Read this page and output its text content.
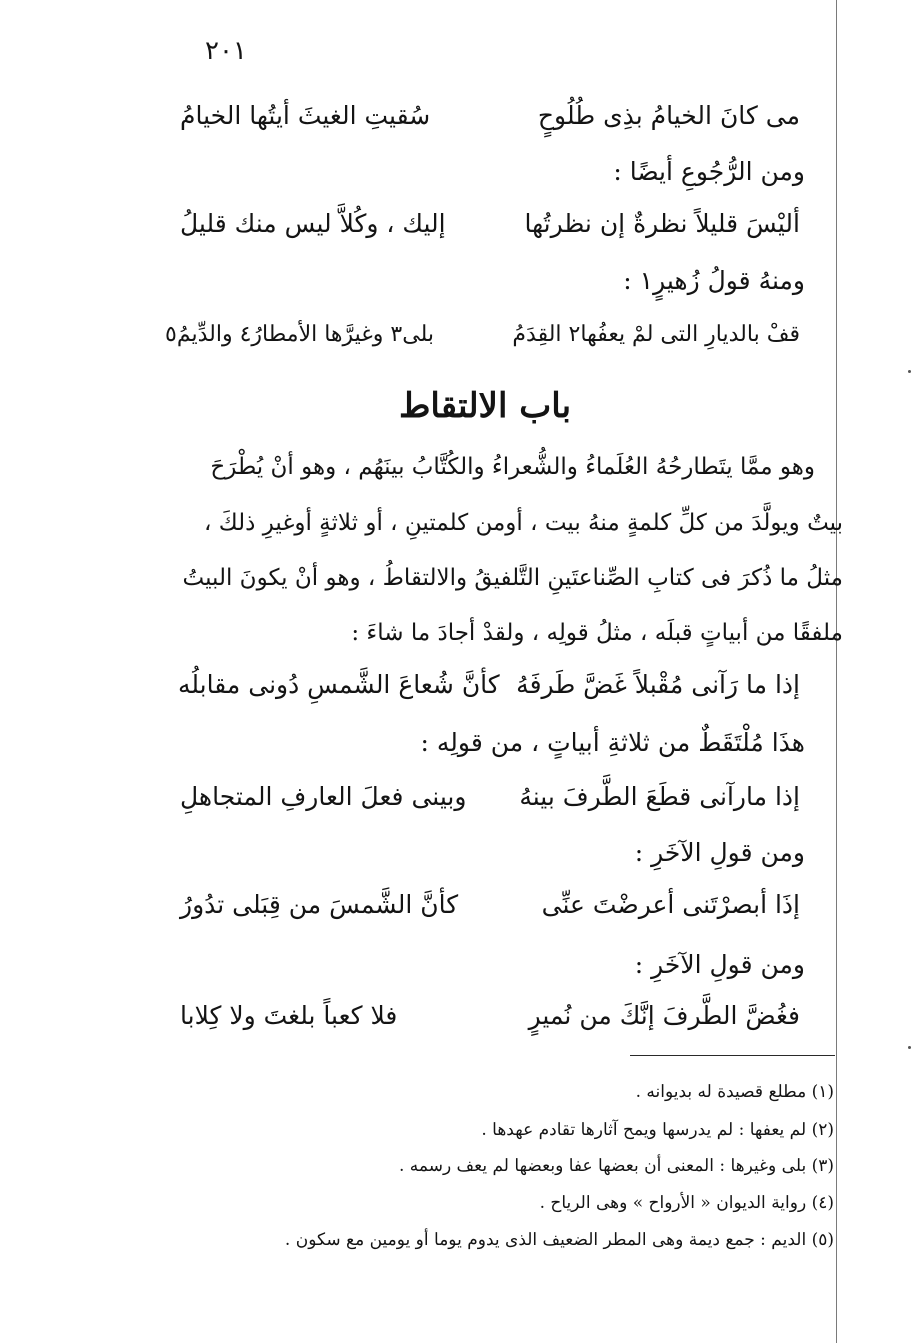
٢٠١
مى كانَ الخيامُ بذِى طُلُوحٍ
سُقيتِ الغيثَ أيتُها الخيامُ
ومن الرُّجُوعِ أيضًا :
أليْسَ قليلاً نظرةٌ إن نظرتُها
إليك ، وكُلاَّ ليس منك قليلُ
ومنهُ قولُ زُهيرٍ١ :
قفْ بالديارِ التى لمْ يعفُها٢ القِدَمُ
بلى٣ وغيرَّها الأمطارُ٤ والدِّيمُ٥
باب الالتقاط
وهو ممَّا يتَطارحُهُ العُلَماءُ والشُّعراءُ والكُتَّابُ بينَهُم ، وهو أنْ يُطْرَحَ
بيتٌ ويولَّدَ من كلِّ كلمةٍ منهُ بيت ، أومن كلمتينِ ، أو ثلاثةٍ أوغيرِ ذلكَ ،
مثلُ ما ذُكرَ فى كتابِ الصِّناعتَينِ التَّلفيقُ والالتقاطُ ، وهو أنْ يكونَ البيتُ
ملفقًا من أبياتٍ قبلَه ، مثلُ قولِه ، ولقدْ أجادَ ما شاءَ :
إذا ما رَآنى مُقْبلاً غَضَّ طَرفَهُ
كأنَّ شُعاعَ الشَّمسِ دُونى مقابلُه
هذَا مُلْتَقَطٌ من ثلاثةِ أبياتٍ ، من قولِه :
إذا مارآنى قطَعَ الطَّرفَ بينهُ
وبينى فعلَ العارفِ المتجاهلِ
ومن قولِ الآخَرِ :
إذَا أبصرْتَنى أعرضْتَ عنِّى
كأنَّ الشَّمسَ من قِبَلى تدُورُ
ومن قولِ الآخَرِ :
فغُضَّ الطَّرفَ إنَّكَ من نُميرٍ
فلا كعباً بلغتَ ولا كِلابا
(١) مطلع قصيدة له بديوانه .
(٢) لم يعفها : لم يدرسها ويمح آثارها تقادم عهدها .
(٣) بلى وغيرها : المعنى أن بعضها عفا وبعضها لم يعف رسمه .
(٤) رواية الديوان « الأرواح » وهى الرياح .
(٥) الديم : جمع ديمة وهى المطر الضعيف الذى يدوم يوما أو يومين مع سكون .
